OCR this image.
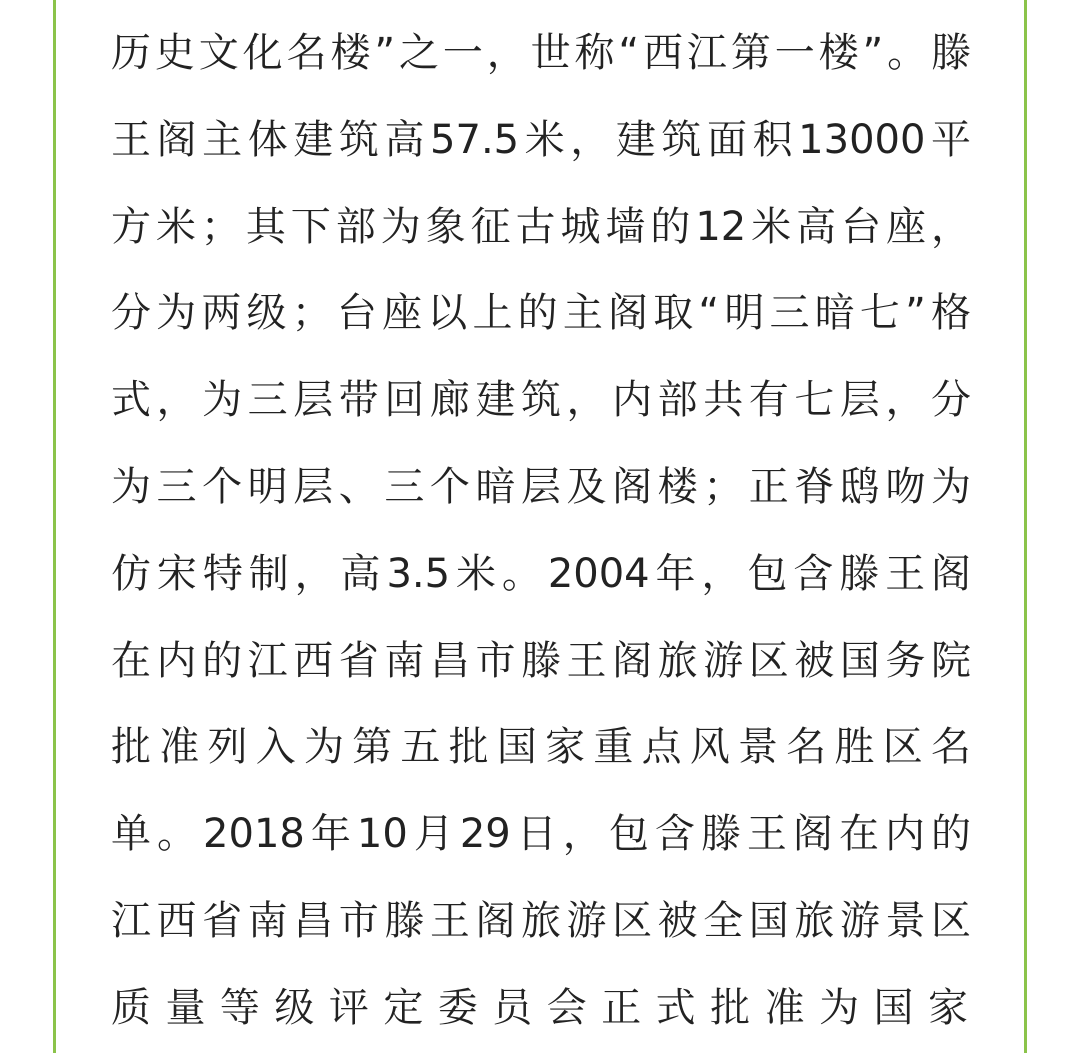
历史文化名楼”之一，世称“西江第一楼”。滕
王阁主体建筑高57.5米，建筑面积13000平
方米；其下部为象征古城墙的12米高台座，
分为两级；台座以上的主阁取“明三暗七”格
式，为三层带回廊建筑，内部共有七层，分
为三个明层、三个暗层及阁楼；正脊鸱吻为
仿宋特制，高3.5米。2004年，包含滕王阁
在内的江西省南昌市滕王阁旅游区被国务院
批准列入为第五批国家重点风景名胜区名
单。2018年10月29日，包含滕王阁在内的
江西省南昌市滕王阁旅游区被全国旅游景区
质量等级评定委员会正式批准为国家
